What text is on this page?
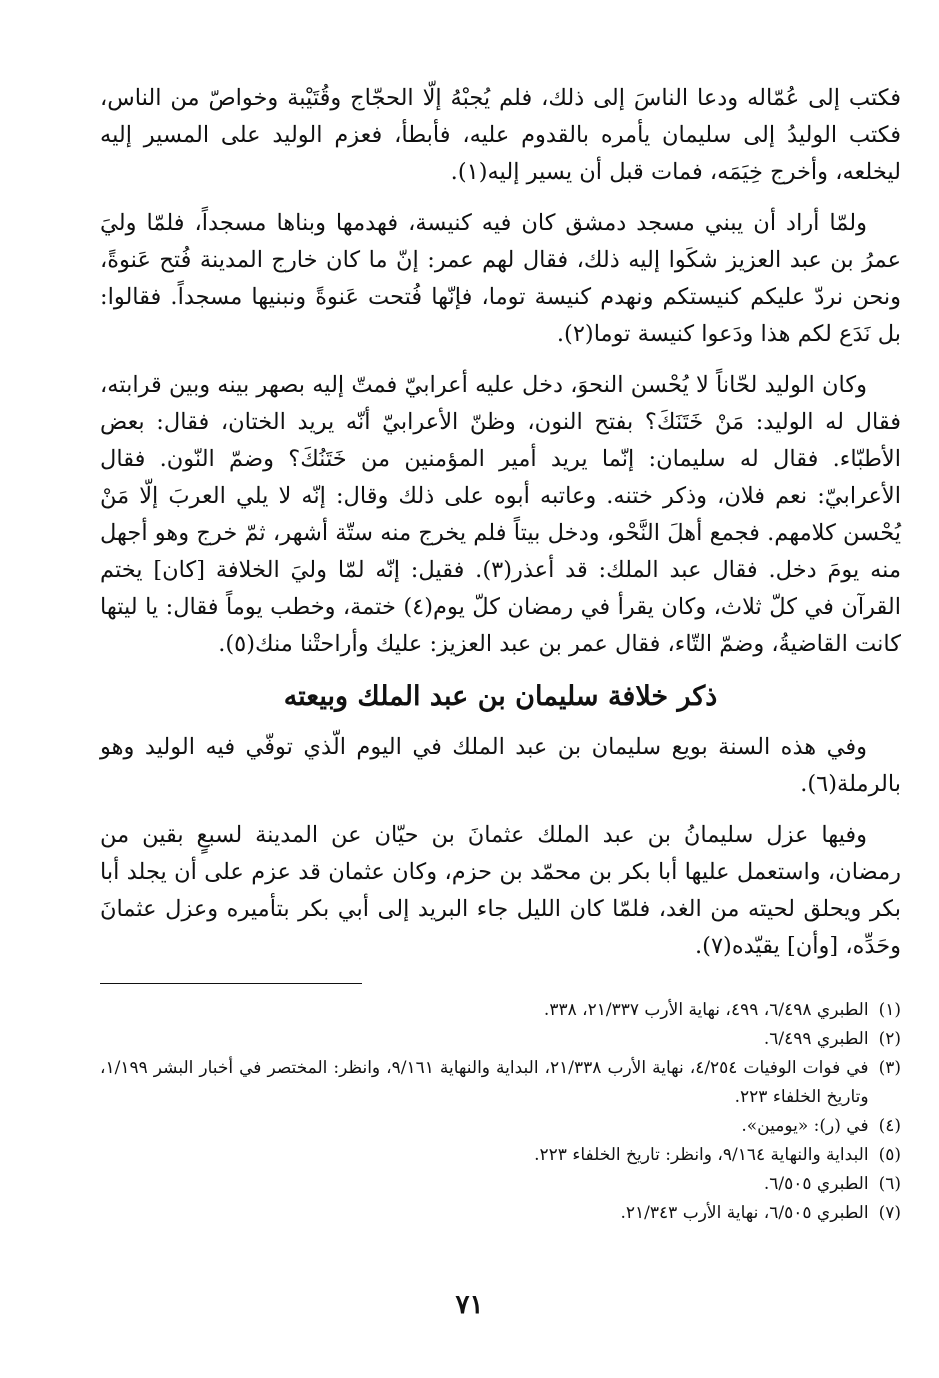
فكتب إلى عُمّاله ودعا الناسَ إلى ذلك، فلم يُجبْهُ إلّا الحجّاج وقُتَيْبة وخواصّ من الناس، فكتب الوليدُ إلى سليمان يأمره بالقدوم عليه، فأبطأ، فعزم الوليد على المسير إليه ليخلعه، وأخرج خِيَمَه، فمات قبل أن يسير إليه(١).

ولمّا أراد أن يبني مسجد دمشق كان فيه كنيسة، فهدمها وبناها مسجداً، فلمّا وليَ عمرُ بن عبد العزيز شكَوا إليه ذلك، فقال لهم عمر: إنّ ما كان خارج المدينة فُتح عَنوةً، ونحن نردّ عليكم كنيستكم ونهدم كنيسة توما، فإنّها فُتحت عَنوةً ونبنيها مسجداً. فقالوا: بل نَدَع لكم هذا ودَعوا كنيسة توما(٢).

وكان الوليد لحّاناً لا يُحْسن النحوَ، دخل عليه أعرابيّ فمتّ إليه بصهر بينه وبين قرابته، فقال له الوليد: مَنْ خَتَنَكَ؟ بفتح النون، وظنّ الأعرابيّ أنّه يريد الختان، فقال: بعض الأطبّاء. فقال له سليمان: إنّما يريد أمير المؤمنين من خَتَنُكَ؟ وضمّ النّون. فقال الأعرابيّ: نعم فلان، وذكر ختنه. وعاتبه أبوه على ذلك وقال: إنّه لا يلي العربَ إلّا مَنْ يُحْسن كلامهم. فجمع أهلَ النَّحْو، ودخل بيتاً فلم يخرج منه ستّة أشهر، ثمّ خرج وهو أجهل منه يومَ دخل. فقال عبد الملك: قد أعذر(٣). فقيل: إنّه لمّا وليَ الخلافة [كان] يختم القرآن في كلّ ثلاث، وكان يقرأ في رمضان كلّ يوم(٤) ختمة، وخطب يوماً فقال: يا ليتها كانت القاضيةُ، وضمّ التّاء، فقال عمر بن عبد العزيز: عليك وأراحتْنا منك(٥).

ذكر خلافة سليمان بن عبد الملك وبيعته

وفي هذه السنة بويع سليمان بن عبد الملك في اليوم الّذي توفّي فيه الوليد وهو بالرملة(٦).

وفيها عزل سليمانُ بن عبد الملك عثمانَ بن حيّان عن المدينة لسبعٍ بقين من رمضان، واستعمل عليها أبا بكر بن محمّد بن حزم، وكان عثمان قد عزم على أن يجلد أبا بكر ويحلق لحيته من الغد، فلمّا كان الليل جاء البريد إلى أبي بكر بتأميره وعزل عثمانَ وحَدِّه، [وأن] يقيّده(٧).

(١)
الطبري ٦/٤٩٨، ٤٩٩، نهاية الأرب ٢١/٣٣٧، ٣٣٨.
(٢)
الطبري ٦/٤٩٩.
(٣)
في فوات الوفيات ٤/٢٥٤، نهاية الأرب ٢١/٣٣٨، البداية والنهاية ٩/١٦١، وانظر: المختصر في أخبار البشر ١/١٩٩، وتاريخ الخلفاء ٢٢٣.
(٤)
في (ر): «يومين».
(٥)
البداية والنهاية ٩/١٦٤، وانظر: تاريخ الخلفاء ٢٢٣.
(٦)
الطبري ٦/٥٠٥.
(٧)
الطبري ٦/٥٠٥، نهاية الأرب ٢١/٣٤٣.
٧١
